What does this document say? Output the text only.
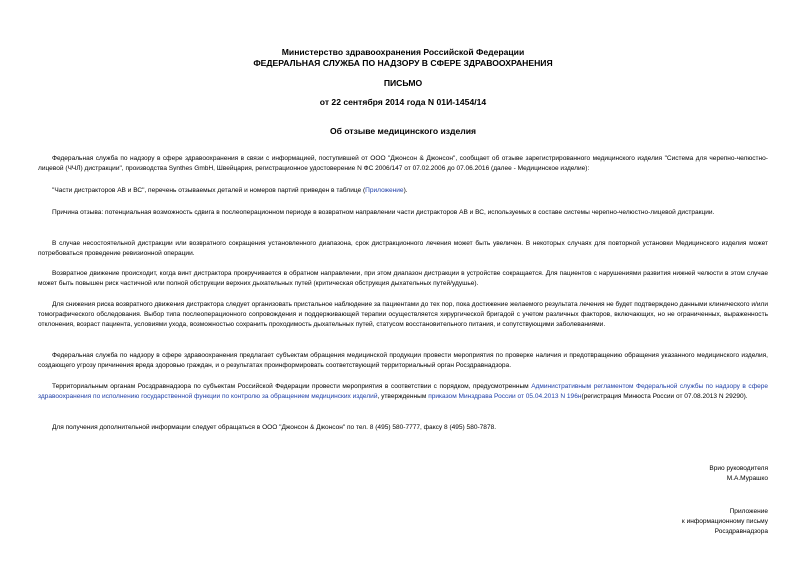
Министерство здравоохранения Российской Федерации
ФЕДЕРАЛЬНАЯ СЛУЖБА ПО НАДЗОРУ В СФЕРЕ ЗДРАВООХРАНЕНИЯ
ПИСЬМО
от 22 сентября 2014 года N 01И-1454/14
Об отзыве медицинского изделия

Федеральная служба по надзору в сфере здравоохранения в связи с информацией, поступившей от ООО "Джонсон & Джонсон", сообщает об отзыве зарегистрированного медицинского изделия "Система для черепно-челюстно-лицевой (ЧЧЛ) дистракции", производства Synthes GmbH, Швейцария, регистрационное удостоверение N ФС 2006/147 от 07.02.2006 до 07.06.2016 (далее - Медицинское изделие):

"Части дистракторов АВ и ВС", перечень отзываемых деталей и номеров партий приведен в таблице (Приложение).

Причина отзыва: потенциальная возможность сдвига в послеоперационном периоде в возвратном направлении части дистракторов АВ и ВС, используемых в составе системы черепно-челюстно-лицевой дистракции.

В случае несостоятельной дистракции или возвратного сокращения установленного диапазона, срок дистракционного лечения может быть увеличен. В некоторых случаях для повторной установки Медицинского изделия может потребоваться проведение ревизионной операции.

Возвратное движение происходит, когда винт дистрактора прокручивается в обратном направлении, при этом диапазон дистракции в устройстве сокращается. Для пациентов с нарушениями развития нижней челюсти в этом случае может быть повышен риск частичной или полной обструкции верхних дыхательных путей (критическая обструкция дыхательных путей/удушье).

Для снижения риска возвратного движения дистрактора следует организовать пристальное наблюдение за пациентами до тех пор, пока достижение желаемого результата лечения не будет подтверждено данными клинического и/или томографического обследования. Выбор типа послеоперационного сопровождения и поддерживающей терапии осуществляется хирургической бригадой с учетом различных факторов, включающих, но не ограниченных, выраженность отклонения, возраст пациента, условиями ухода, возможностью сохранить проходимость дыхательных путей, статусом восстановительного питания, и сопутствующими заболеваниями.

Федеральная служба по надзору в сфере здравоохранения предлагает субъектам обращения медицинской продукции провести мероприятия по проверке наличия и предотвращению обращения указанного медицинского изделия, создающего угрозу причинения вреда здоровью граждан, и о результатах проинформировать соответствующий территориальный орган Росздравнадзора.

Территориальным органам Росздравнадзора по субъектам Российской Федерации провести мероприятия в соответствии с порядком, предусмотренным Административным регламентом Федеральной службы по надзору в сфере здравоохранения по исполнению государственной функции по контролю за обращением медицинских изделий, утвержденным приказом Минздрава России от 05.04.2013 N 196н(регистрация Минюста России от 07.08.2013 N 29290).

Для получения дополнительной информации следует обращаться в ООО "Джонсон & Джонсон" по тел. 8 (495) 580-7777, факсу 8 (495) 580-7878.

Врио руководителя
М.А.Мурашко
Приложение
к информационному письму
Росздравнадзора
